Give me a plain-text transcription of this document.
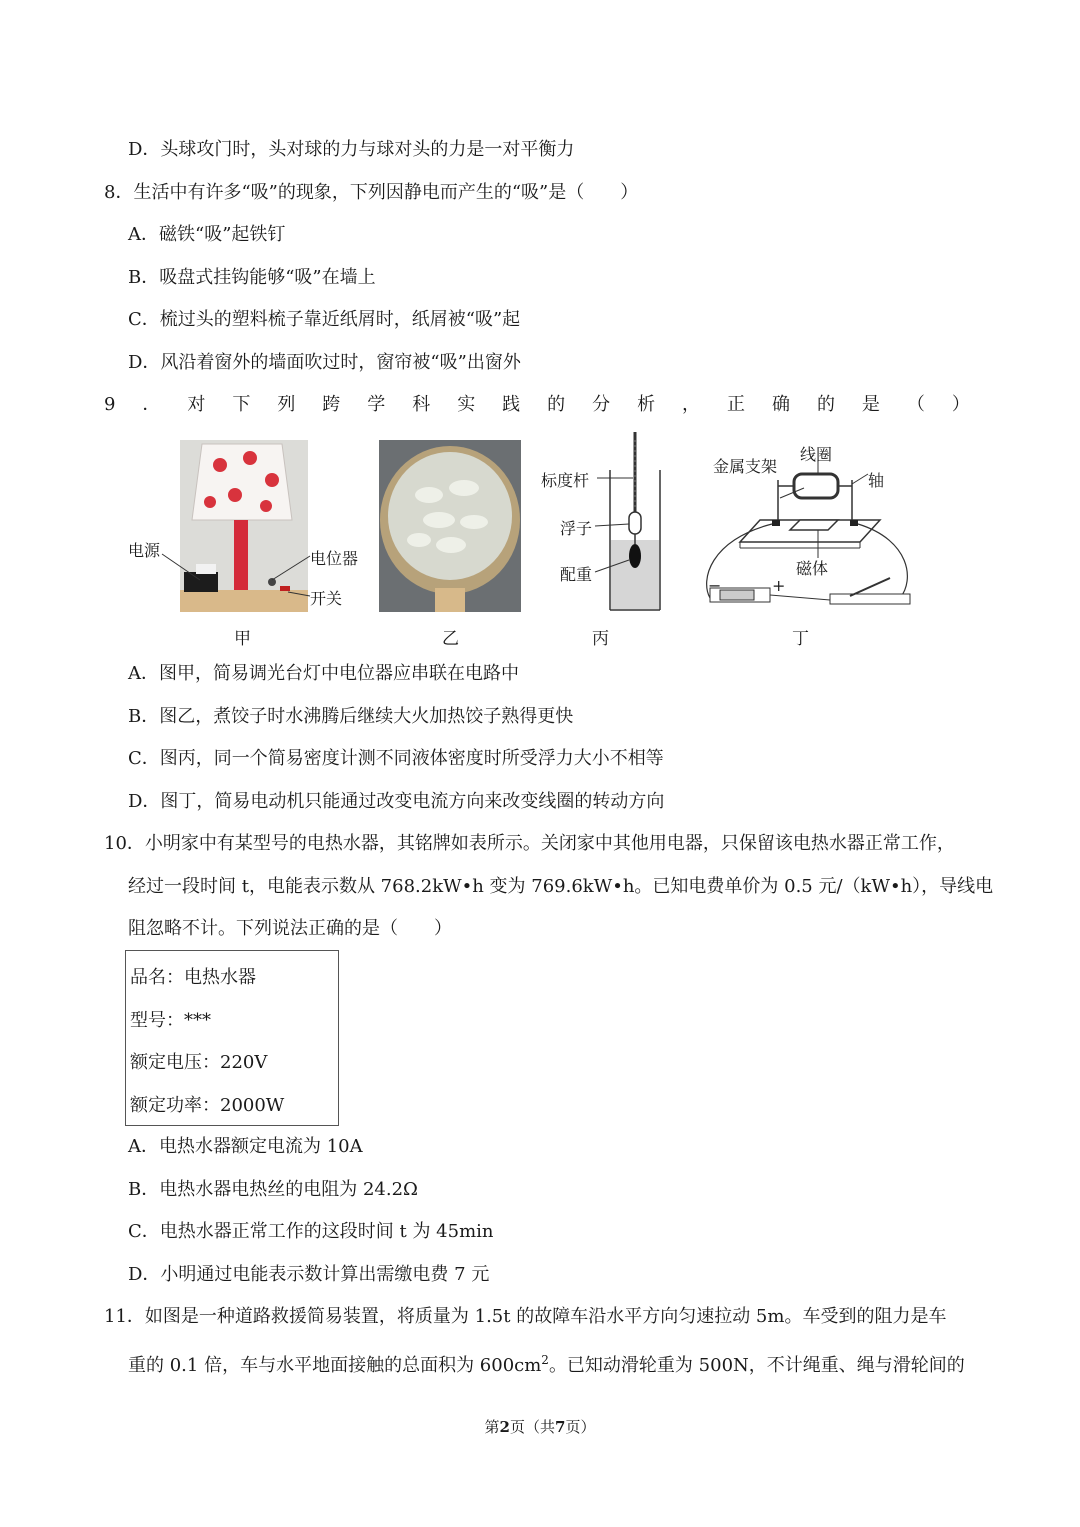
D．头球攻门时，头对球的力与球对头的力是一对平衡力
8．生活中有许多“吸”的现象，下列因静电而产生的“吸”是（　　）
A．磁铁“吸”起铁钉
B．吸盘式挂钩能够“吸”在墙上
C．梳过头的塑料梳子靠近纸屑时，纸屑被“吸”起
D．风沿着窗外的墙面吹过时，窗帘被“吸”出窗外
9 ． 对 下 列 跨 学 科 实 践 的 分 析 ， 正 确 的 是 （ ）
电源	电位器
开关
甲	乙
标度杆
浮子
配重
丙
金属支架
线圈
轴
磁体
−	+
丁
A．图甲，简易调光台灯中电位器应串联在电路中
B．图乙，煮饺子时水沸腾后继续大火加热饺子熟得更快
C．图丙，同一个简易密度计测不同液体密度时所受浮力大小不相等
D．图丁，简易电动机只能通过改变电流方向来改变线圈的转动方向
10．小明家中有某型号的电热水器，其铭牌如表所示。关闭家中其他用电器，只保留该电热水器正常工作，
经过一段时间 t，电能表示数从 768.2kW•h 变为 769.6kW•h。已知电费单价为 0.5 元/（kW•h），导线电
阻忽略不计。下列说法正确的是（　　）
品名：电热水器
型号：***
额定电压：220V
额定功率：2000W
A．电热水器额定电流为 10A
B．电热水器电热丝的电阻为 24.2Ω
C．电热水器正常工作的这段时间 t 为 45min
D．小明通过电能表示数计算出需缴电费 7 元
11．如图是一种道路救援简易装置，将质量为 1.5t 的故障车沿水平方向匀速拉动 5m。车受到的阻力是车
重的 0.1 倍，车与水平地面接触的总面积为 $600cm^2$。已知动滑轮重为 500N，不计绳重、绳与滑轮间的
第2页（共7页）
